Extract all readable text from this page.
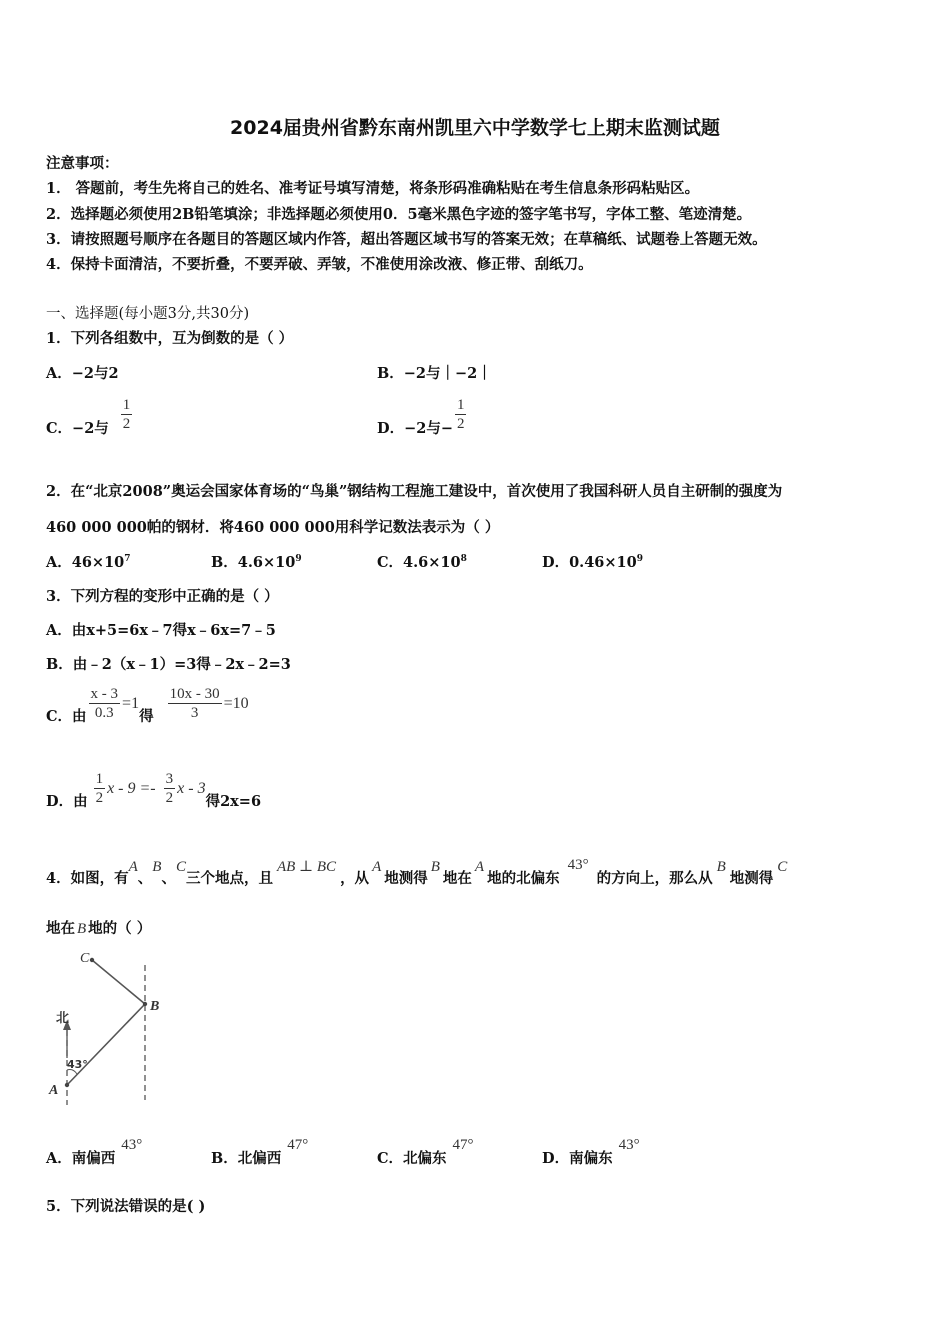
2024届贵州省黔东南州凯里六中学数学七上期末监测试题
注意事项：
1． 答题前，考生先将自己的姓名、准考证号填写清楚，将条形码准确粘贴在考生信息条形码粘贴区。
2．选择题必须使用2B铅笔填涂；非选择题必须使用0．5毫米黑色字迹的签字笔书写，字体工整、笔迹清楚。
3．请按照题号顺序在各题目的答题区域内作答，超出答题区域书写的答案无效；在草稿纸、试题卷上答题无效。
4．保持卡面清洁，不要折叠，不要弄破、弄皱，不准使用涂改液、修正带、刮纸刀。
一、选择题(每小题3分,共30分)
1．下列各组数中，互为倒数的是（ ）
A．−2与2	B．−2与｜−2｜
C．−2与 $\frac{1}{2}$	D．−2与− $\frac{1}{2}$
2．在“北京2008”奥运会国家体育场的“鸟巢”钢结构工程施工建设中，首次使用了我国科研人员自主研制的强度为
460 000 000帕的钢材．将460 000 000用科学记数法表示为（ ）
A．$46\times 10^7$	B．$4.6\times 10^9$	C．$4.6\times 10^8$	D．$0.46\times 10^9$
3．下列方程的变形中正确的是（ ）
A．由x+5=6x﹣7得x﹣6x=7﹣5
B．由﹣2（x﹣1）=3得﹣2x﹣2=3
C．由 $\frac{x - 3}{0.3} =1$
得 $\frac{10x - 30}{3} =10$
D．由 $\frac{1}{2}$ $x - 9 =- \frac{3}{2}$ x - 3
得2x=6
4．如图，有A、B、C三个地点，且AB ⊥ BC，从A地测得B地在A地的北偏东43°的方向上，那么从B地测得C
地在 B 地的（ ）
C
B
A
北
43°
A．南偏西43°
B．北偏西47°
C．北偏东47°
D．南偏东43°
5．下列说法错误的是( )
